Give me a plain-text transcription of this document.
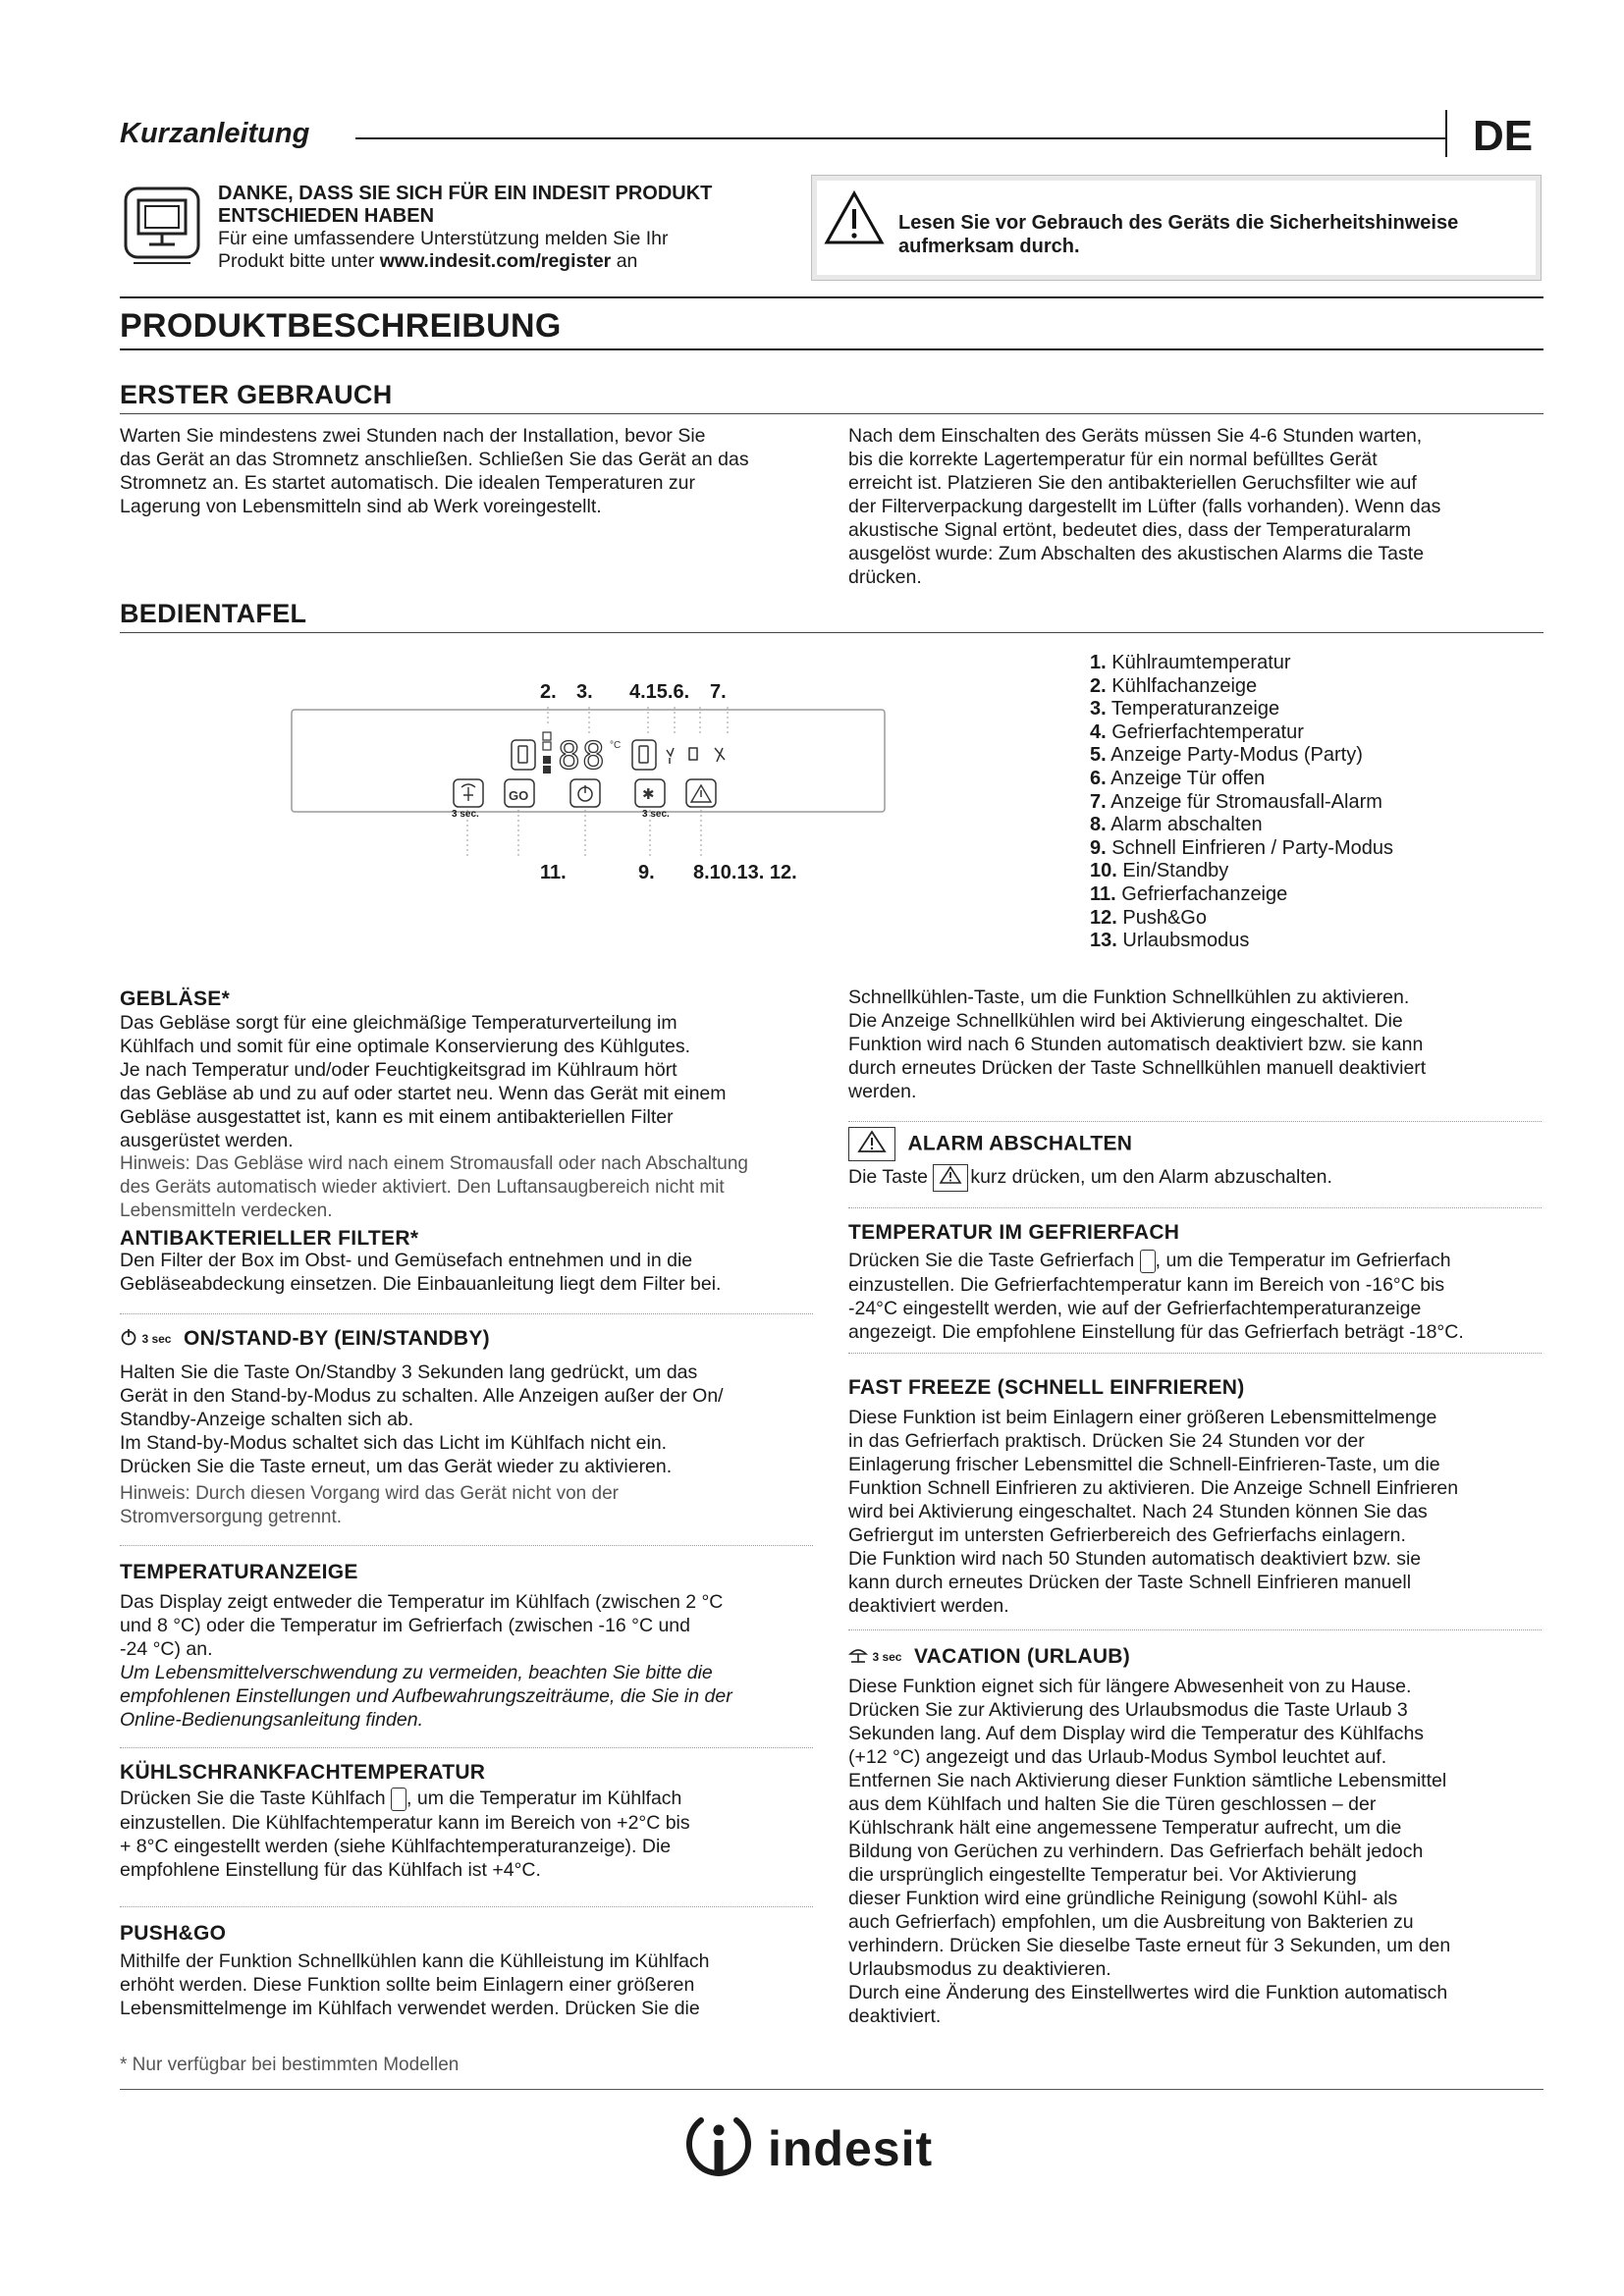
Kurzanleitung	DE
DANKE, DASS SIE SICH FÜR EIN INDESIT PRODUKT
ENTSCHIEDEN HABEN
Für eine umfassendere Unterstützung melden Sie Ihr
Produkt bitte unter www.indesit.com/register an
Lesen Sie vor Gebrauch des Geräts die Sicherheitshinweise
aufmerksam durch.
PRODUKTBESCHREIBUNG
ERSTER GEBRAUCH
Warten Sie mindestens zwei Stunden nach der Installation, bevor Sie
das Gerät an das Stromnetz anschließen. Schließen Sie das Gerät an das
Stromnetz an. Es startet automatisch. Die idealen Temperaturen zur
Lagerung von Lebensmitteln sind ab Werk voreingestellt.
Nach dem Einschalten des Geräts müssen Sie 4-6 Stunden warten,
bis die korrekte Lagertemperatur für ein normal befülltes Gerät
erreicht ist. Platzieren Sie den antibakteriellen Geruchsfilter wie auf
der Filterverpackung dargestellt im Lüfter (falls vorhanden). Wenn das
akustische Signal ertönt, bedeutet dies, dass der Temperaturalarm
ausgelöst wurde: Zum Abschalten des akustischen Alarms die Taste
drücken.
BEDIENTAFEL
2. 3. 4.15.6. 7.
11.	9. 8.10.13. 12.
°C
GO	✱
88
3 sec.	3 sec.
1. Kühlraumtemperatur
2. Kühlfachanzeige
3. Temperaturanzeige
4. Gefrierfachtemperatur
5. Anzeige Party-Modus (Party)
6. Anzeige Tür offen
7. Anzeige für Stromausfall-Alarm
8. Alarm abschalten
9. Schnell Einfrieren / Party-Modus
10. Ein/Standby
11. Gefrierfachanzeige
12. Push&Go
13. Urlaubsmodus
GEBLÄSE*
Das Gebläse sorgt für eine gleichmäßige Temperaturverteilung im
Kühlfach und somit für eine optimale Konservierung des Kühlgutes.
Je nach Temperatur und/oder Feuchtigkeitsgrad im Kühlraum hört
das Gebläse ab und zu auf oder startet neu. Wenn das Gerät mit einem
Gebläse ausgestattet ist, kann es mit einem antibakteriellen Filter
ausgerüstet werden.
Hinweis: Das Gebläse wird nach einem Stromausfall oder nach Abschaltung
des Geräts automatisch wieder aktiviert. Den Luftansaugbereich nicht mit
Lebensmitteln verdecken.
ANTIBAKTERIELLER FILTER*
Den Filter der Box im Obst- und Gemüsefach entnehmen und in die
Gebläseabdeckung einsetzen. Die Einbauanleitung liegt dem Filter bei.
3 sec ON/STAND-BY (EIN/STANDBY)
Halten Sie die Taste On/Standby 3 Sekunden lang gedrückt, um das
Gerät in den Stand-by-Modus zu schalten. Alle Anzeigen außer der On/
Standby-Anzeige schalten sich ab.
Im Stand-by-Modus schaltet sich das Licht im Kühlfach nicht ein.
Drücken Sie die Taste erneut, um das Gerät wieder zu aktivieren.
Hinweis: Durch diesen Vorgang wird das Gerät nicht von der
Stromversorgung getrennt.
TEMPERATURANZEIGE
Das Display zeigt entweder die Temperatur im Kühlfach (zwischen 2 °C
und 8 °C) oder die Temperatur im Gefrierfach (zwischen -16 °C und
-24 °C) an.
Um Lebensmittelverschwendung zu vermeiden, beachten Sie bitte die
empfohlenen Einstellungen und Aufbewahrungszeiträume, die Sie in der
Online-Bedienungsanleitung finden.
KÜHLSCHRANKFACHTEMPERATUR
Drücken Sie die Taste Kühlfach , um die Temperatur im Kühlfach
einzustellen. Die Kühlfachtemperatur kann im Bereich von +2°C bis
+ 8°C eingestellt werden (siehe Kühlfachtemperaturanzeige). Die
empfohlene Einstellung für das Kühlfach ist +4°C.
PUSH&GO
Mithilfe der Funktion Schnellkühlen kann die Kühlleistung im Kühlfach
erhöht werden. Diese Funktion sollte beim Einlagern einer größeren
Lebensmittelmenge im Kühlfach verwendet werden. Drücken Sie die
* Nur verfügbar bei bestimmten Modellen
Schnellkühlen-Taste, um die Funktion Schnellkühlen zu aktivieren.
Die Anzeige Schnellkühlen wird bei Aktivierung eingeschaltet. Die
Funktion wird nach 6 Stunden automatisch deaktiviert bzw. sie kann
durch erneutes Drücken der Taste Schnellkühlen manuell deaktiviert
werden.
ALARM ABSCHALTEN
Die Taste kurz drücken, um den Alarm abzuschalten.
TEMPERATUR IM GEFRIERFACH
Drücken Sie die Taste Gefrierfach , um die Temperatur im Gefrierfach
einzustellen. Die Gefrierfachtemperatur kann im Bereich von -16°C bis
-24°C eingestellt werden, wie auf der Gefrierfachtemperaturanzeige
angezeigt. Die empfohlene Einstellung für das Gefrierfach beträgt -18°C.
FAST FREEZE (SCHNELL EINFRIEREN)
Diese Funktion ist beim Einlagern einer größeren Lebensmittelmenge
in das Gefrierfach praktisch. Drücken Sie 24 Stunden vor der
Einlagerung frischer Lebensmittel die Schnell-Einfrieren-Taste, um die
Funktion Schnell Einfrieren zu aktivieren. Die Anzeige Schnell Einfrieren
wird bei Aktivierung eingeschaltet. Nach 24 Stunden können Sie das
Gefriergut im untersten Gefrierbereich des Gefrierfachs einlagern.
Die Funktion wird nach 50 Stunden automatisch deaktiviert bzw. sie
kann durch erneutes Drücken der Taste Schnell Einfrieren manuell
deaktiviert werden.
3 sec VACATION (URLAUB)
Diese Funktion eignet sich für längere Abwesenheit von zu Hause.
Drücken Sie zur Aktivierung des Urlaubsmodus die Taste Urlaub 3
Sekunden lang. Auf dem Display wird die Temperatur des Kühlfachs
(+12 °C) angezeigt und das Urlaub-Modus Symbol leuchtet auf.
Entfernen Sie nach Aktivierung dieser Funktion sämtliche Lebensmittel
aus dem Kühlfach und halten Sie die Türen geschlossen – der
Kühlschrank hält eine angemessene Temperatur aufrecht, um die
Bildung von Gerüchen zu verhindern. Das Gefrierfach behält jedoch
die ursprünglich eingestellte Temperatur bei. Vor Aktivierung
dieser Funktion wird eine gründliche Reinigung (sowohl Kühl- als
auch Gefrierfach) empfohlen, um die Ausbreitung von Bakterien zu
verhindern. Drücken Sie dieselbe Taste erneut für 3 Sekunden, um den
Urlaubsmodus zu deaktivieren.
Durch eine Änderung des Einstellwertes wird die Funktion automatisch
deaktiviert.
indesit
